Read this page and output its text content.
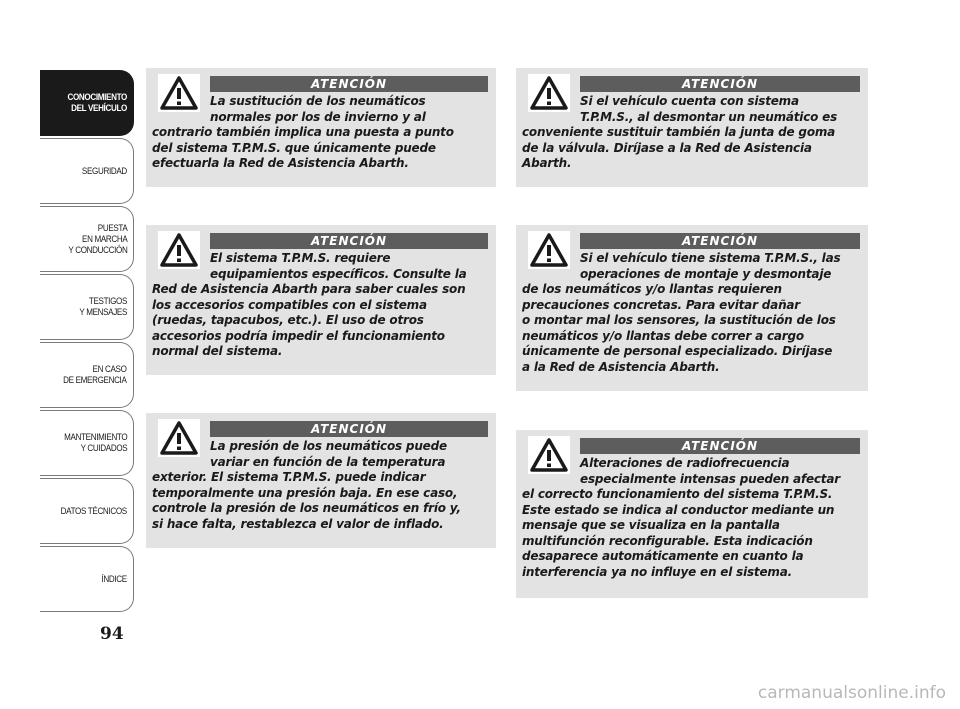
CONOCIMIENTO
DEL VEHÍCULO
SEGURIDAD
PUESTA
EN MARCHA
Y CONDUCCIÓN
TESTIGOS
Y MENSAJES
EN CASO
DE EMERGENCIA
MANTENIMIENTO
Y CUIDADOS
DATOS TÉCNICOS
ÍNDICE
94
ATENCIÓN

La sustitución de los neumáticos
normales por los de invierno y al
contrario también implica una puesta a punto
del sistema T.P.M.S. que únicamente puede
efectuarla la Red de Asistencia Abarth.

ATENCIÓN

El sistema T.P.M.S. requiere
equipamientos específicos. Consulte la
Red de Asistencia Abarth para saber cuales son
los accesorios compatibles con el sistema
(ruedas, tapacubos, etc.). El uso de otros
accesorios podría impedir el funcionamiento
normal del sistema.

ATENCIÓN

La presión de los neumáticos puede
variar en función de la temperatura
exterior. El sistema T.P.M.S. puede indicar
temporalmente una presión baja. En ese caso,
controle la presión de los neumáticos en frío y,
si hace falta, restablezca el valor de inflado.

ATENCIÓN

Si el vehículo cuenta con sistema
T.P.M.S., al desmontar un neumático es
conveniente sustituir también la junta de goma
de la válvula. Diríjase a la Red de Asistencia
Abarth.

ATENCIÓN

Si el vehículo tiene sistema T.P.M.S., las
operaciones de montaje y desmontaje
de los neumáticos y/o llantas requieren
precauciones concretas. Para evitar dañar
o montar mal los sensores, la sustitución de los
neumáticos y/o llantas debe correr a cargo
únicamente de personal especializado. Diríjase
a la Red de Asistencia Abarth.

ATENCIÓN

Alteraciones de radiofrecuencia
especialmente intensas pueden afectar
el correcto funcionamiento del sistema T.P.M.S.
Este estado se indica al conductor mediante un
mensaje que se visualiza en la pantalla
multifunción reconfigurable. Esta indicación
desaparece automáticamente en cuanto la
interferencia ya no influye en el sistema.

carmanualsonline.info
